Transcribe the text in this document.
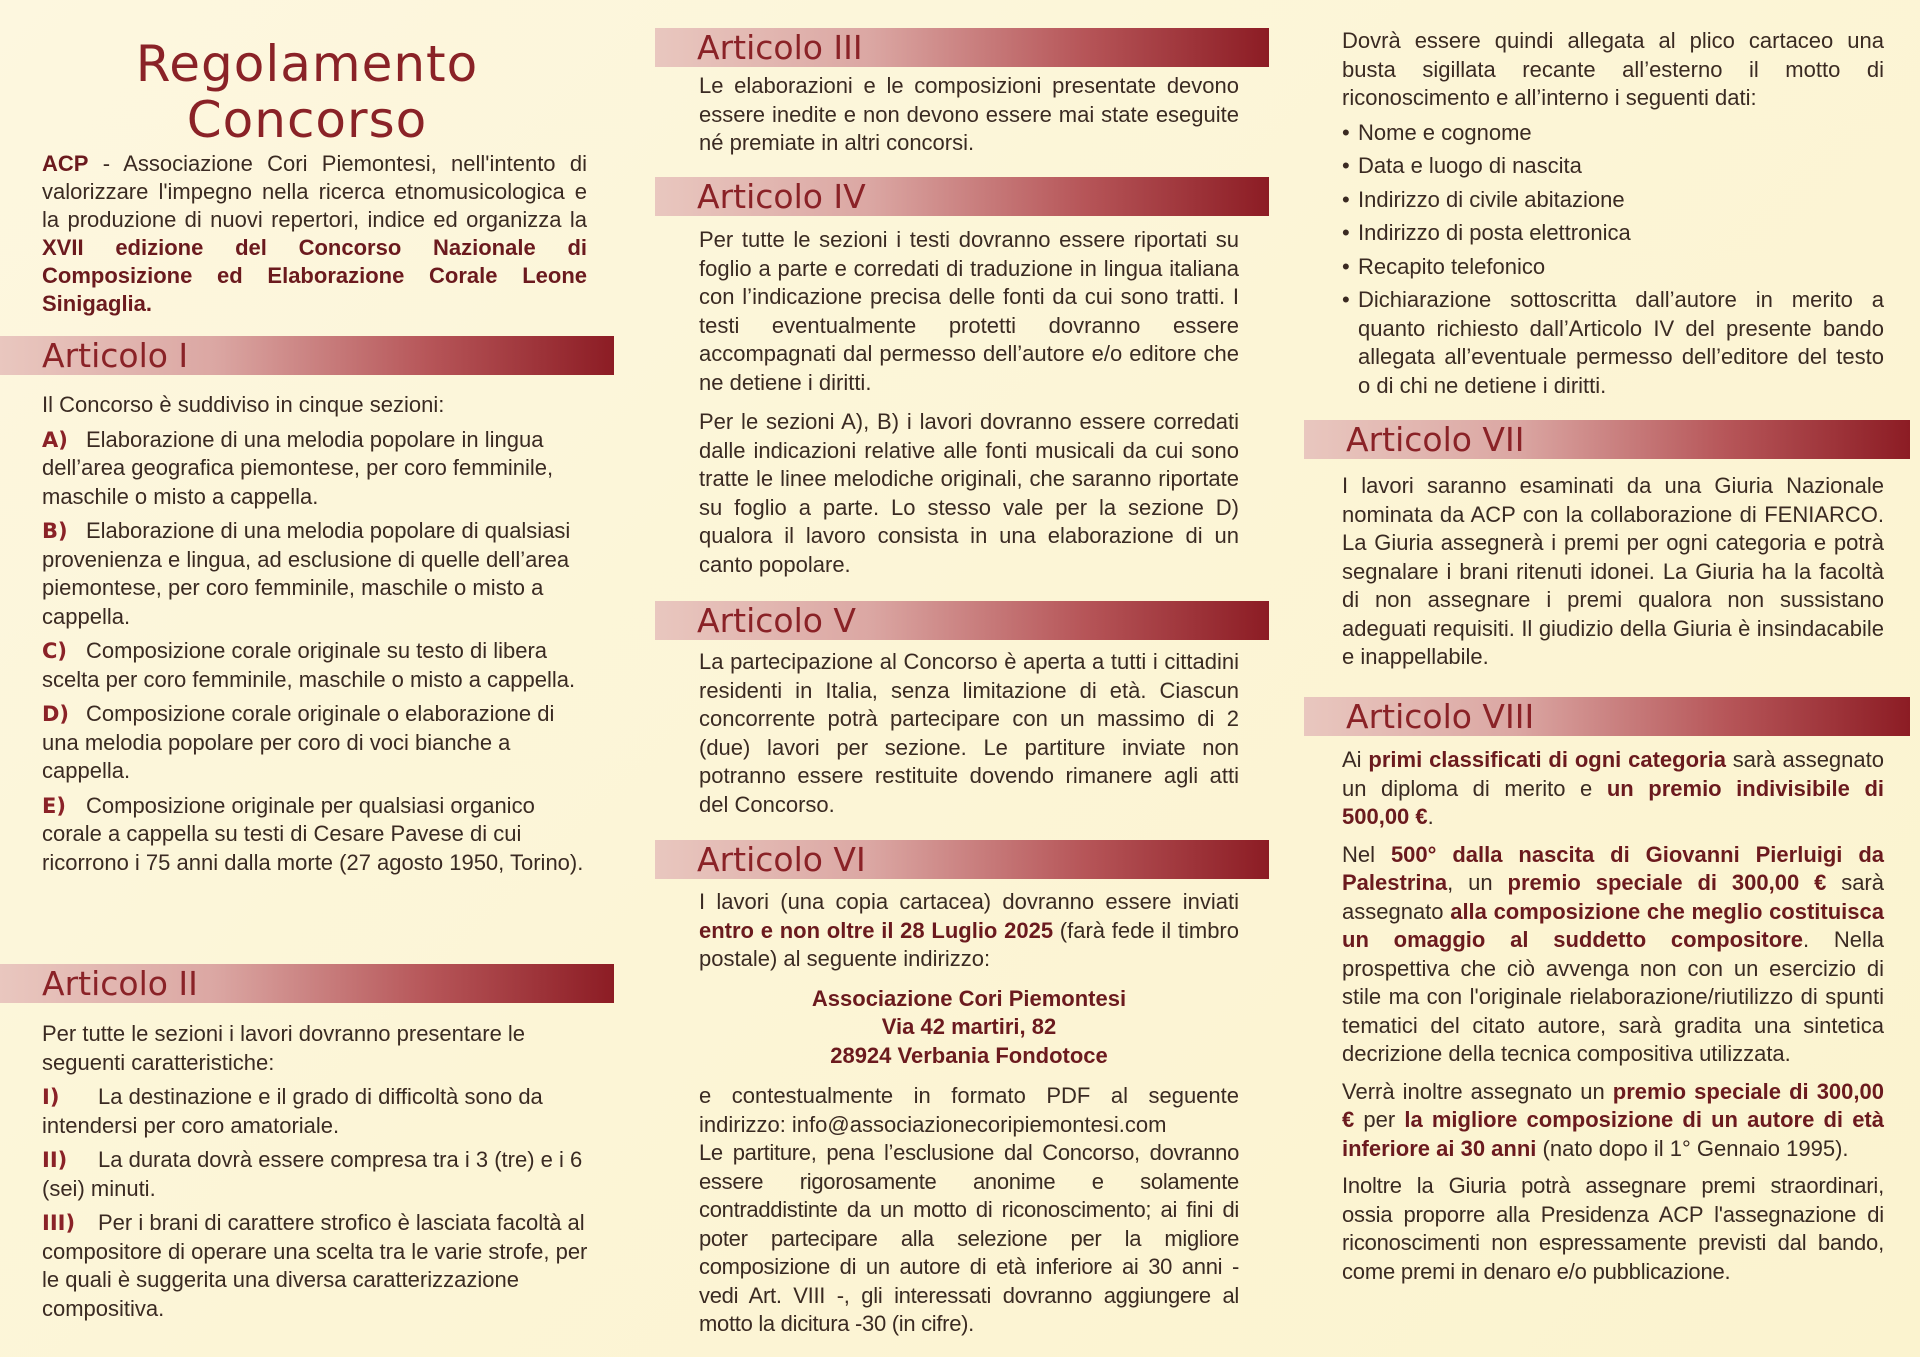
Regolamento
Concorso
ACP - Associazione Cori Piemontesi, nell'intento di valorizzare l'impegno nella ricerca etnomusicologica e la produzione di nuovi repertori, indice ed organizza la XVII edizione del Concorso Nazionale di Composizione ed Elaborazione Corale Leone Sinigaglia.
Articolo I

Il Concorso è suddiviso in cinque sezioni:

A) Elaborazione di una melodia popolare in lingua dell’area geografica piemontese, per coro femminile, maschile o misto a cappella.

B) Elaborazione di una melodia popolare di qualsiasi provenienza e lingua, ad esclusione di quelle dell’area piemontese, per coro femminile, maschile o misto a cappella.

C) Composizione corale originale su testo di libera scelta per coro femminile, maschile o misto a cappella.

D) Composizione corale originale o elaborazione di una melodia popolare per coro di voci bianche a cappella.

E) Composizione originale per qualsiasi organico corale a cappella su testi di Cesare Pavese di cui ricorrono i 75 anni dalla morte (27 agosto 1950, Torino).

Articolo II

Per tutte le sezioni i lavori dovranno presentare le seguenti caratteristiche:

I) La destinazione e il grado di difficoltà sono da intendersi per coro amatoriale.

II) La durata dovrà essere compresa tra i 3 (tre) e i 6 (sei) minuti.

III) Per i brani di carattere strofico è lasciata facoltà al compositore di operare una scelta tra le varie strofe, per le quali è suggerita una diversa caratterizzazione compositiva.

Articolo III
Le elaborazioni e le composizioni presentate devono essere inedite e non devono essere mai state eseguite né premiate in altri concorsi.
Articolo IV

Per tutte le sezioni i testi dovranno essere riportati su foglio a parte e corredati di traduzione in lingua italiana con l’indicazione precisa delle fonti da cui sono tratti. I testi eventualmente protetti dovranno essere accompagnati dal permesso dell’autore e/o editore che ne detiene i diritti.

Per le sezioni A), B) i lavori dovranno essere corredati dalle indicazioni relative alle fonti musicali da cui sono tratte le linee melodiche originali, che saranno riportate su foglio a parte. Lo stesso vale per la sezione D) qualora il lavoro consista in una elaborazione di un canto popolare.

Articolo V
La partecipazione al Concorso è aperta a tutti i cittadini residenti in Italia, senza limitazione di età. Ciascun concorrente potrà partecipare con un massimo di 2 (due) lavori per sezione. Le partiture inviate non potranno essere restituite dovendo rimanere agli atti del Concorso.
Articolo VI

I lavori (una copia cartacea) dovranno essere inviati entro e non oltre il 28 Luglio 2025 (farà fede il timbro postale) al seguente indirizzo:

Associazione Cori Piemontesi
Via 42 martiri, 82
28924 Verbania Fondotoce

e contestualmente in formato PDF al seguente indirizzo: info@associazionecoripiemontesi.com

Le partiture, pena l’esclusione dal Concorso, dovranno essere rigorosamente anonime e solamente contraddistinte da un motto di riconoscimento; ai fini di poter partecipare alla selezione per la migliore composizione di un autore di età inferiore ai 30 anni - vedi Art. VIII -, gli interessati dovranno aggiungere al motto la dicitura -30 (in cifre).

Dovrà essere quindi allegata al plico cartaceo una busta sigillata recante all’esterno il motto di riconoscimento e all’interno i seguenti dati:

• Nome e cognome
• Data e luogo di nascita
• Indirizzo di civile abitazione
• Indirizzo di posta elettronica
• Recapito telefonico
• Dichiarazione sottoscritta dall’autore in merito a quanto richiesto dall’Articolo IV del presente bando allegata all’eventuale permesso dell’editore del testo o di chi ne detiene i diritti.
Articolo VII
I lavori saranno esaminati da una Giuria Nazionale nominata da ACP con la collaborazione di FENIARCO. La Giuria assegnerà i premi per ogni categoria e potrà segnalare i brani ritenuti idonei. La Giuria ha la facoltà di non assegnare i premi qualora non sussistano adeguati requisiti. Il giudizio della Giuria è insindacabile e inappellabile.
Articolo VIII

Ai primi classificati di ogni categoria sarà assegnato un diploma di merito e un premio indivisibile di 500,00 €.

Nel 500° dalla nascita di Giovanni Pierluigi da Palestrina, un premio speciale di 300,00 € sarà assegnato alla composizione che meglio costituisca un omaggio al suddetto compositore. Nella prospettiva che ciò avvenga non con un esercizio di stile ma con l'originale rielaborazione/riutilizzo di spunti tematici del citato autore, sarà gradita una sintetica decrizione della tecnica compositiva utilizzata.

Verrà inoltre assegnato un premio speciale di 300,00 € per la migliore composizione di un autore di età inferiore ai 30 anni (nato dopo il 1° Gennaio 1995).

Inoltre la Giuria potrà assegnare premi straordinari, ossia proporre alla Presidenza ACP l'assegnazione di riconoscimenti non espressamente previsti dal bando, come premi in denaro e/o pubblicazione.
